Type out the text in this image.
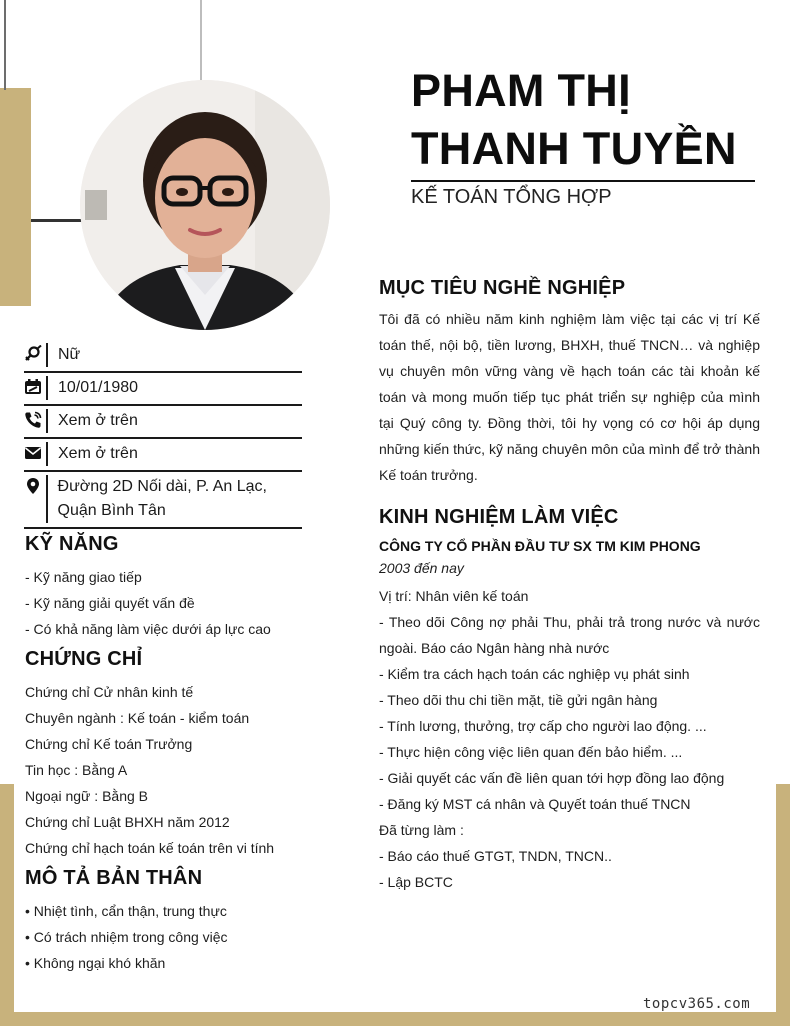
PHAM THỊ
THANH TUYỀN
KẾ TOÁN TỔNG HỢP
Nữ
10/01/1980
Xem ở trên
Xem ở trên
Đường 2D Nối dài, P. An Lạc, Quận Bình Tân
KỸ NĂNG
- Kỹ năng giao tiếp
- Kỹ năng giải quyết vấn đề
- Có khả năng làm việc dưới áp lực cao
CHỨNG CHỈ
Chứng chỉ Cử nhân kinh tế
Chuyên ngành : Kế toán - kiểm toán
Chứng chỉ Kế toán Trưởng
Tin học : Bằng A
Ngoại ngữ : Bằng B
Chứng chỉ Luật BHXH năm 2012
Chứng chỉ hạch toán kế toán trên vi tính
MÔ TẢ BẢN THÂN
• Nhiệt tình, cẩn thận, trung thực
• Có trách nhiệm trong công việc
• Không ngại khó khăn
MỤC TIÊU NGHỀ NGHIỆP
Tôi đã có nhiều năm kinh nghiệm làm việc tại các vị trí Kế toán thế, nội bộ, tiền lương, BHXH, thuế TNCN… và nghiệp vụ chuyên môn vững vàng về hạch toán các tài khoản kế toán và mong muốn tiếp tục phát triển sự nghiệp của mình tại Quý công ty. Đồng thời, tôi hy vọng có cơ hội áp dụng những kiến thức, kỹ năng chuyên môn của mình để trở thành Kế toán trưởng.
KINH NGHIỆM LÀM VIỆC
CÔNG TY CỔ PHẦN ĐẦU TƯ SX TM KIM PHONG
2003 đến nay
Vị trí: Nhân viên kế toán
- Theo dõi Công nợ phải Thu, phải trả trong nước và nước ngoài. Báo cáo Ngân hàng nhà nước
- Kiểm tra cách hạch toán các nghiệp vụ phát sinh
- Theo dõi thu chi tiền mặt, tiề gửi ngân hàng
- Tính lương, thưởng, trợ cấp cho người lao động. ...
- Thực hiện công việc liên quan đến bảo hiểm. ...
- Giải quyết các vấn đề liên quan tới hợp đồng lao động
- Đăng ký MST cá nhân và Quyết toán thuế TNCN
Đã từng làm :
- Báo cáo thuế GTGT, TNDN, TNCN..
- Lập BCTC
topcv365.com
